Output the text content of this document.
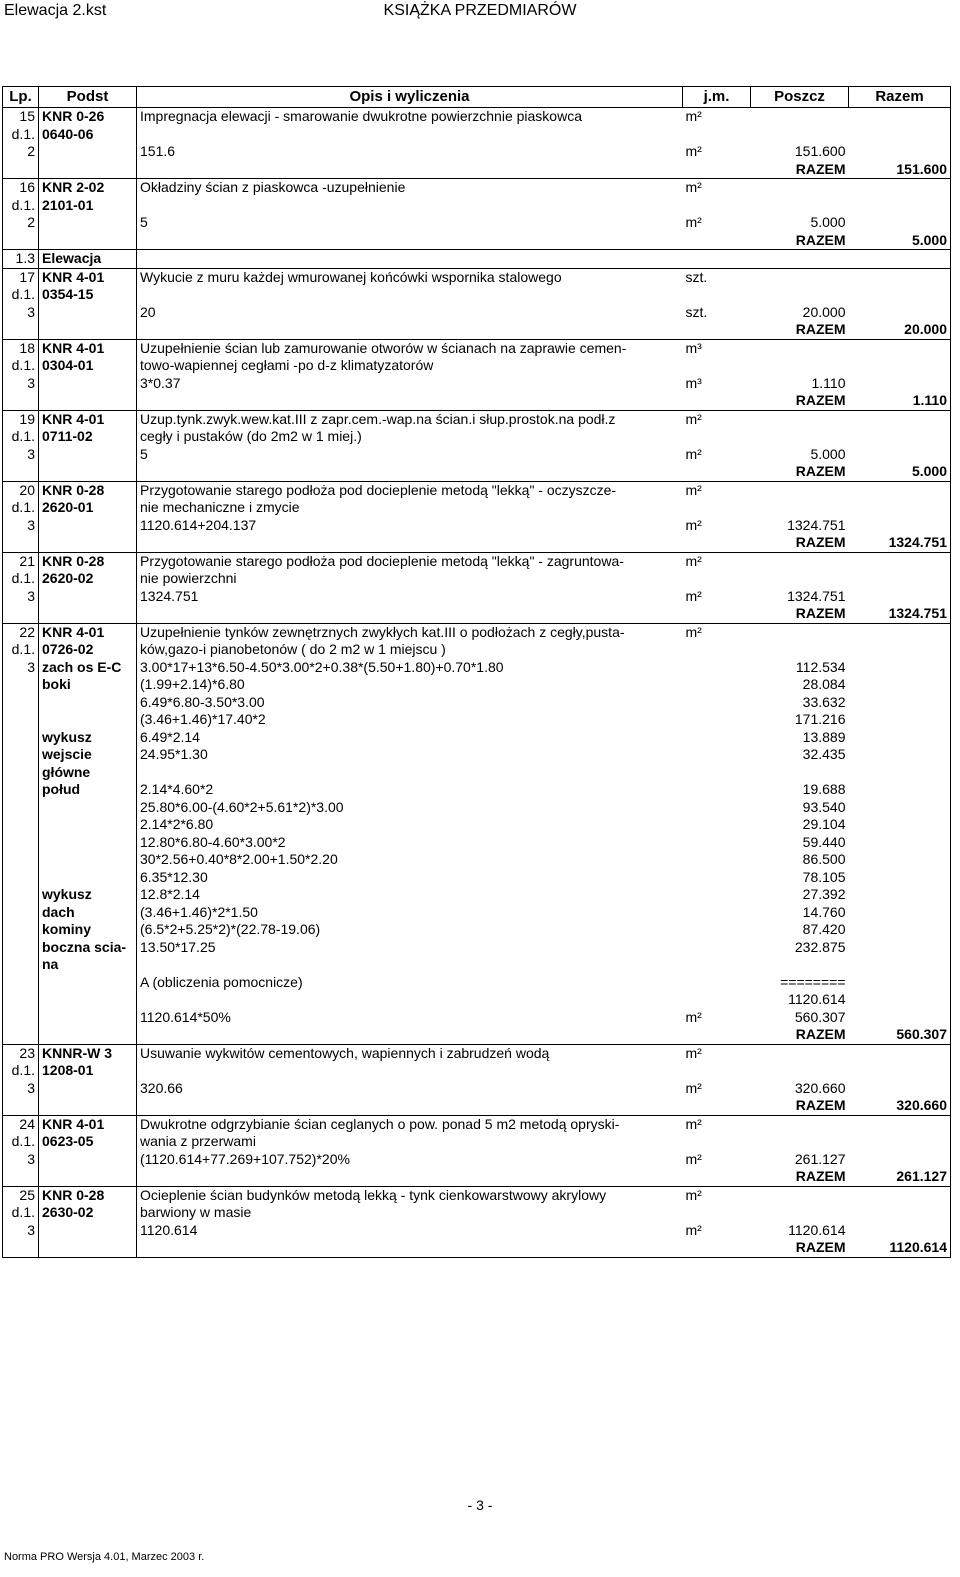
Elewacja 2.kst	KSIĄŻKA PRZEDMIARÓW
Lp.	Podst	Opis i wyliczenia	j.m.	Poszcz	Razem
15	KNR 0-26	Impregnacja elewacji - smarowanie dwukrotne powierzchnie piaskowca	m²		
d.1.	0640-06				
2		151.6	m²	151.600	
				RAZEM	151.600
16	KNR 2-02	Okładziny ścian z piaskowca -uzupełnienie	m²		
d.1.	2101-01				
2		5	m²	5.000	
				RAZEM	5.000
1.3	Elewacja				
17	KNR 4-01	Wykucie z muru każdej wmurowanej końcówki wspornika stalowego	szt.		
d.1.	0354-15				
3		20	szt.	20.000	
				RAZEM	20.000
18	KNR 4-01	Uzupełnienie ścian lub zamurowanie otworów w ścianach na zaprawie cemen-	m³		
d.1.	0304-01	towo-wapiennej cegłami -po d-z klimatyzatorów			
3		3*0.37	m³	1.110	
				RAZEM	1.110
19	KNR 4-01	Uzup.tynk.zwyk.wew.kat.III z zapr.cem.-wap.na ścian.i słup.prostok.na podł.z	m²		
d.1.	0711-02	cegły i pustaków (do 2m2 w 1 miej.)			
3		5	m²	5.000	
				RAZEM	5.000
20	KNR 0-28	Przygotowanie starego podłoża pod docieplenie metodą "lekką" - oczyszcze-	m²		
d.1.	2620-01	nie mechaniczne i zmycie			
3		1120.614+204.137	m²	1324.751	
				RAZEM	1324.751
21	KNR 0-28	Przygotowanie starego podłoża pod docieplenie metodą "lekką" - zagruntowa-	m²		
d.1.	2620-02	nie powierzchni			
3		1324.751	m²	1324.751	
				RAZEM	1324.751
22	KNR 4-01	Uzupełnienie tynków zewnętrznych zwykłych kat.III o podłożach z cegły,pusta-	m²		
d.1.	0726-02	ków,gazo-i pianobetonów ( do 2 m2 w 1 miejscu )			
3	zach os E-C	3.00*17+13*6.50-4.50*3.00*2+0.38*(5.50+1.80)+0.70*1.80		112.534	
	boki	(1.99+2.14)*6.80		28.084	
		6.49*6.80-3.50*3.00		33.632	
		(3.46+1.46)*17.40*2		171.216	
	wykusz	6.49*2.14		13.889	
	wejscie	24.95*1.30		32.435	
	główne				
	połud	2.14*4.60*2		19.688	
		25.80*6.00-(4.60*2+5.61*2)*3.00		93.540	
		2.14*2*6.80		29.104	
		12.80*6.80-4.60*3.00*2		59.440	
		30*2.56+0.40*8*2.00+1.50*2.20		86.500	
		6.35*12.30		78.105	
	wykusz	12.8*2.14		27.392	
	dach	(3.46+1.46)*2*1.50		14.760	
	kominy	(6.5*2+5.25*2)*(22.78-19.06)		87.420	
	boczna scia-	13.50*17.25		232.875	
	na				
		A (obliczenia pomocnicze)		========	
				1120.614	
		1120.614*50%	m²	560.307	
				RAZEM	560.307
23	KNNR-W 3	Usuwanie wykwitów cementowych, wapiennych i zabrudzeń wodą	m²		
d.1.	1208-01				
3		320.66	m²	320.660	
				RAZEM	320.660
24	KNR 4-01	Dwukrotne odgrzybianie ścian ceglanych o pow. ponad 5 m2 metodą opryski-	m²		
d.1.	0623-05	wania z przerwami			
3		(1120.614+77.269+107.752)*20%	m²	261.127	
				RAZEM	261.127
25	KNR 0-28	Ocieplenie ścian budynków metodą lekką - tynk cienkowarstwowy akrylowy	m²		
d.1.	2630-02	barwiony w masie			
3		1120.614	m²	1120.614	
				RAZEM	1120.614
- 3 -
Norma PRO Wersja 4.01, Marzec 2003 r.
